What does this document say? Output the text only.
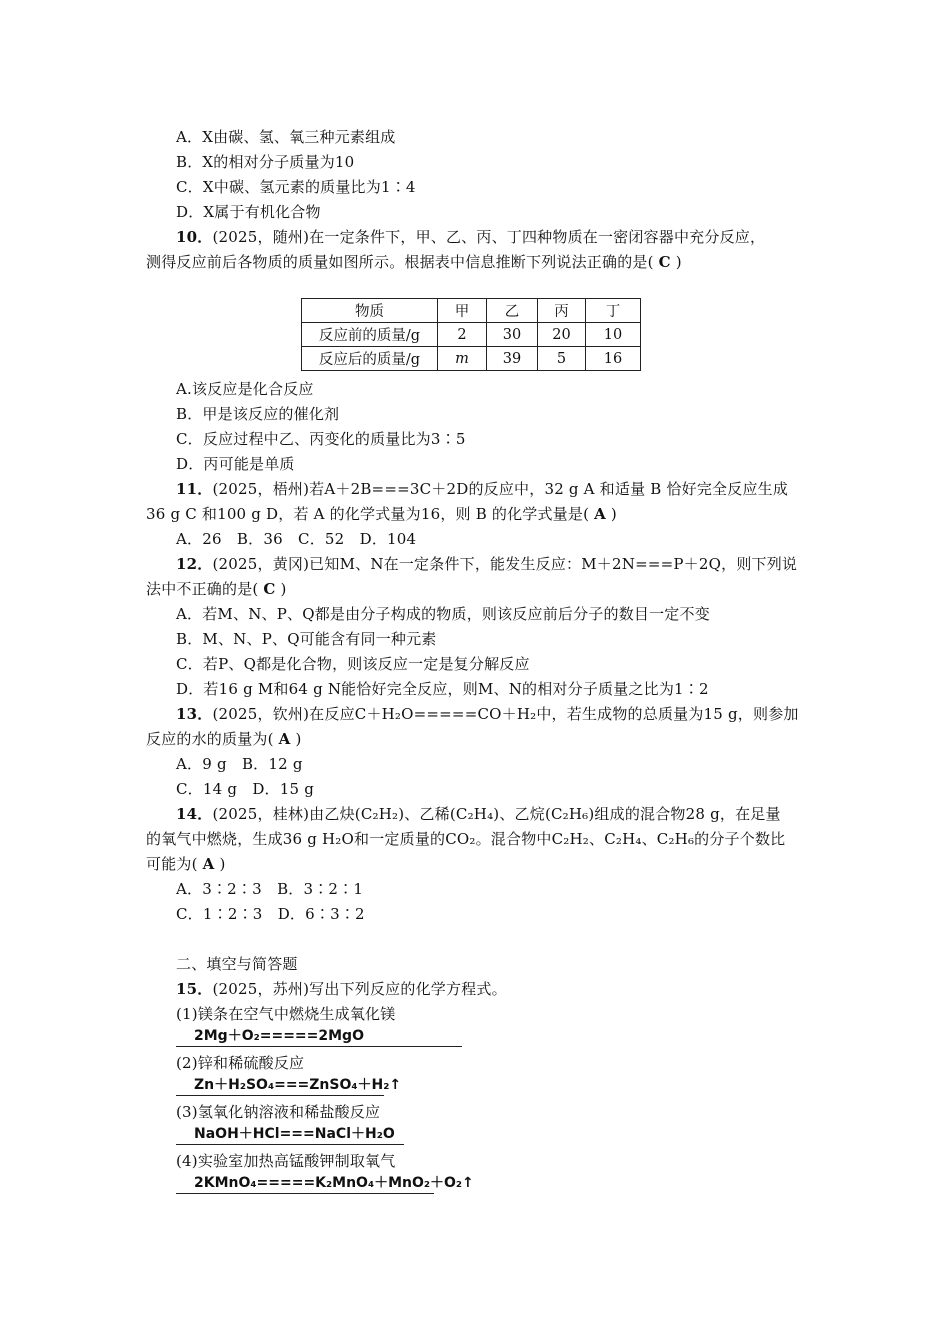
A．X由碳、氢、氧三种元素组成
B．X的相对分子质量为10
C．X中碳、氢元素的质量比为1∶4
D．X属于有机化合物
10．(2025，随州)在一定条件下，甲、乙、丙、丁四种物质在一密闭容器中充分反应，
测得反应前后各物质的质量如图所示。根据表中信息推断下列说法正确的是( C )
物质	甲	乙	丙	丁
反应前的质量/g	2	30	20	10
反应后的质量/g	m	39	5	16
A.该反应是化合反应
B．甲是该反应的催化剂
C．反应过程中乙、丙变化的质量比为3∶5
D．丙可能是单质
11．(2025，梧州)若A＋2B===3C＋2D的反应中，32 g A 和适量 B 恰好完全反应生成
36 g C 和100 g D，若 A 的化学式量为16，则 B 的化学式量是( A )
A．26　B．36　C．52　D．104
12．(2025，黄冈)已知M、N在一定条件下，能发生反应：M＋2N===P＋2Q，则下列说
法中不正确的是( C )
A．若M、N、P、Q都是由分子构成的物质，则该反应前后分子的数目一定不变
B．M、N、P、Q可能含有同一种元素
C．若P、Q都是化合物，则该反应一定是复分解反应
D．若16 g M和64 g N能恰好完全反应，则M、N的相对分子质量之比为1∶2
13．(2025，钦州)在反应C＋H₂O=====CO＋H₂中，若生成物的总质量为15 g，则参加
反应的水的质量为( A )
A．9 g　B．12 g
C．14 g　D．15 g
14．(2025，桂林)由乙炔(C₂H₂)、乙稀(C₂H₄)、乙烷(C₂H₆)组成的混合物28 g，在足量
的氧气中燃烧，生成36 g H₂O和一定质量的CO₂。混合物中C₂H₂、C₂H₄、C₂H₆的分子个数比
可能为( A )
A．3∶2∶3　B．3∶2∶1
C．1∶2∶3　D．6∶3∶2
二、填空与简答题
15．(2025，苏州)写出下列反应的化学方程式。
(1)镁条在空气中燃烧生成氧化镁
2Mg＋O₂=====2MgO
(2)锌和稀硫酸反应
Zn＋H₂SO₄===ZnSO₄＋H₂↑
(3)氢氧化钠溶液和稀盐酸反应
NaOH＋HCl===NaCl＋H₂O
(4)实验室加热高锰酸钾制取氧气
2KMnO₄=====K₂MnO₄＋MnO₂＋O₂↑
